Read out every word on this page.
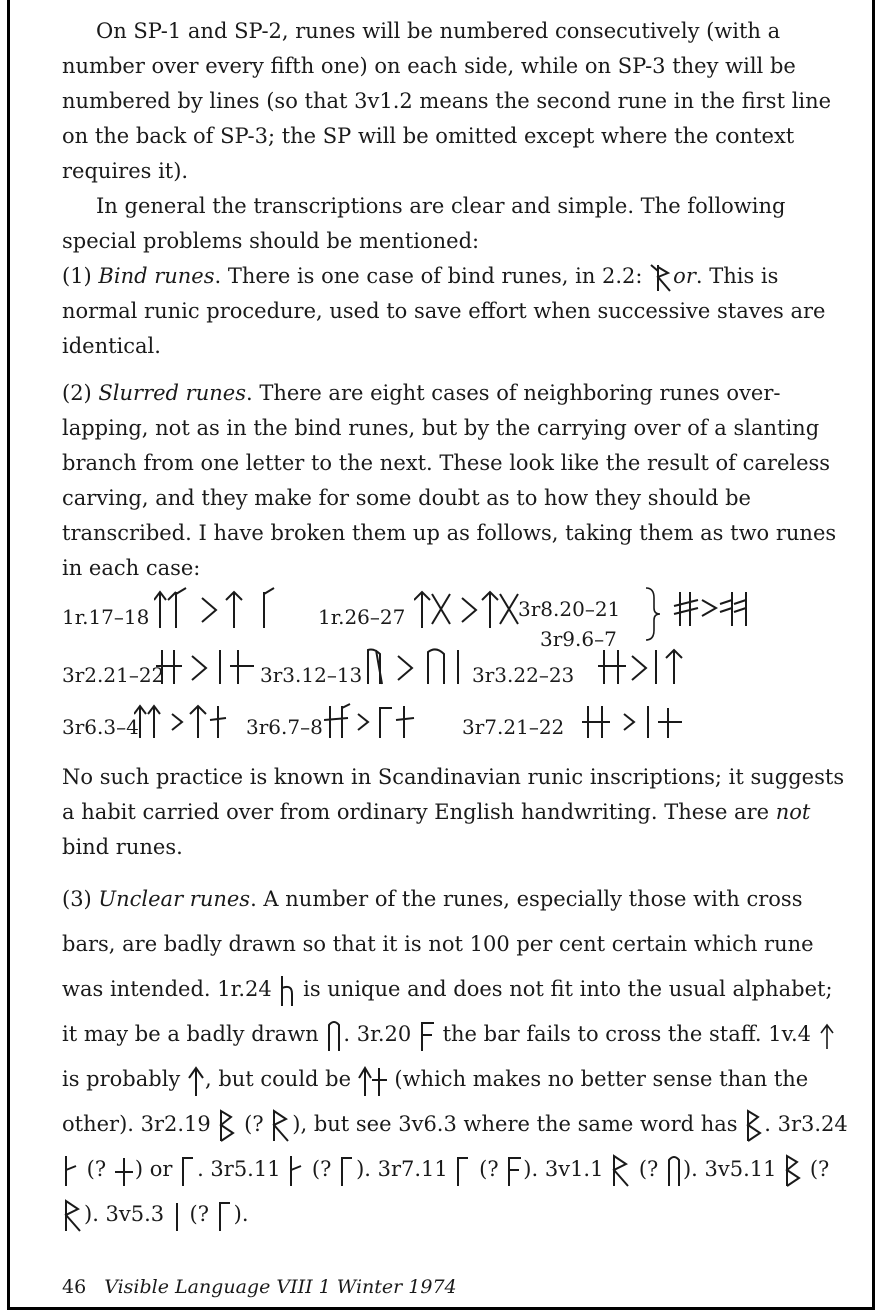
On SP-1 and SP-2, runes will be numbered consecutively (with a number over every fifth one) on each side, while on SP-3 they will be numbered by lines (so that 3v1.2 means the second rune in the first line on the back of SP-3; the SP will be omitted except where the context requires it).

In general the transcriptions are clear and simple. The following special problems should be mentioned:

(1) Bind runes. There is one case of bind runes, in 2.2:
or. This is normal runic procedure, used to save effort when successive staves are identical.

(2) Slurred runes. There are eight cases of neighboring runes over-lapping, not as in the bind runes, but by the carrying over of a slanting branch from one letter to the next. These look like the result of careless carving, and they make for some doubt as to how they should be transcribed. I have broken them up as follows, taking them as two runes in each case:

1r.17–18	1r.26–27	3r8.20–21
3r9.6–7
3r2.21–22	3r3.12–13	3r3.22–23
3r6.3–4	3r6.7–8	3r7.21–22

No such practice is known in Scandinavian runic inscriptions; it suggests a habit carried over from ordinary English handwriting. These are not bind runes.

(3) Unclear runes. A number of the runes, especially those with cross bars, are badly drawn so that it is not 100 per cent certain which rune was intended. 1r.24
is unique and does not fit into the usual alphabet; it may be a badly drawn
. 3r.20
the bar fails to cross the staff. 1v.4
is probably
, but could be
(which makes no better sense than the other). 3r2.19
(? ), but see 3v6.3 where the same word has
. 3r3.24
(? ) or
. 3r5.11
(? ). 3r7.11
(? ). 3v1.1
(? ). 3v5.11
(?
). 3v5.3
(? ).

46 Visible Language VIII 1 Winter 1974
